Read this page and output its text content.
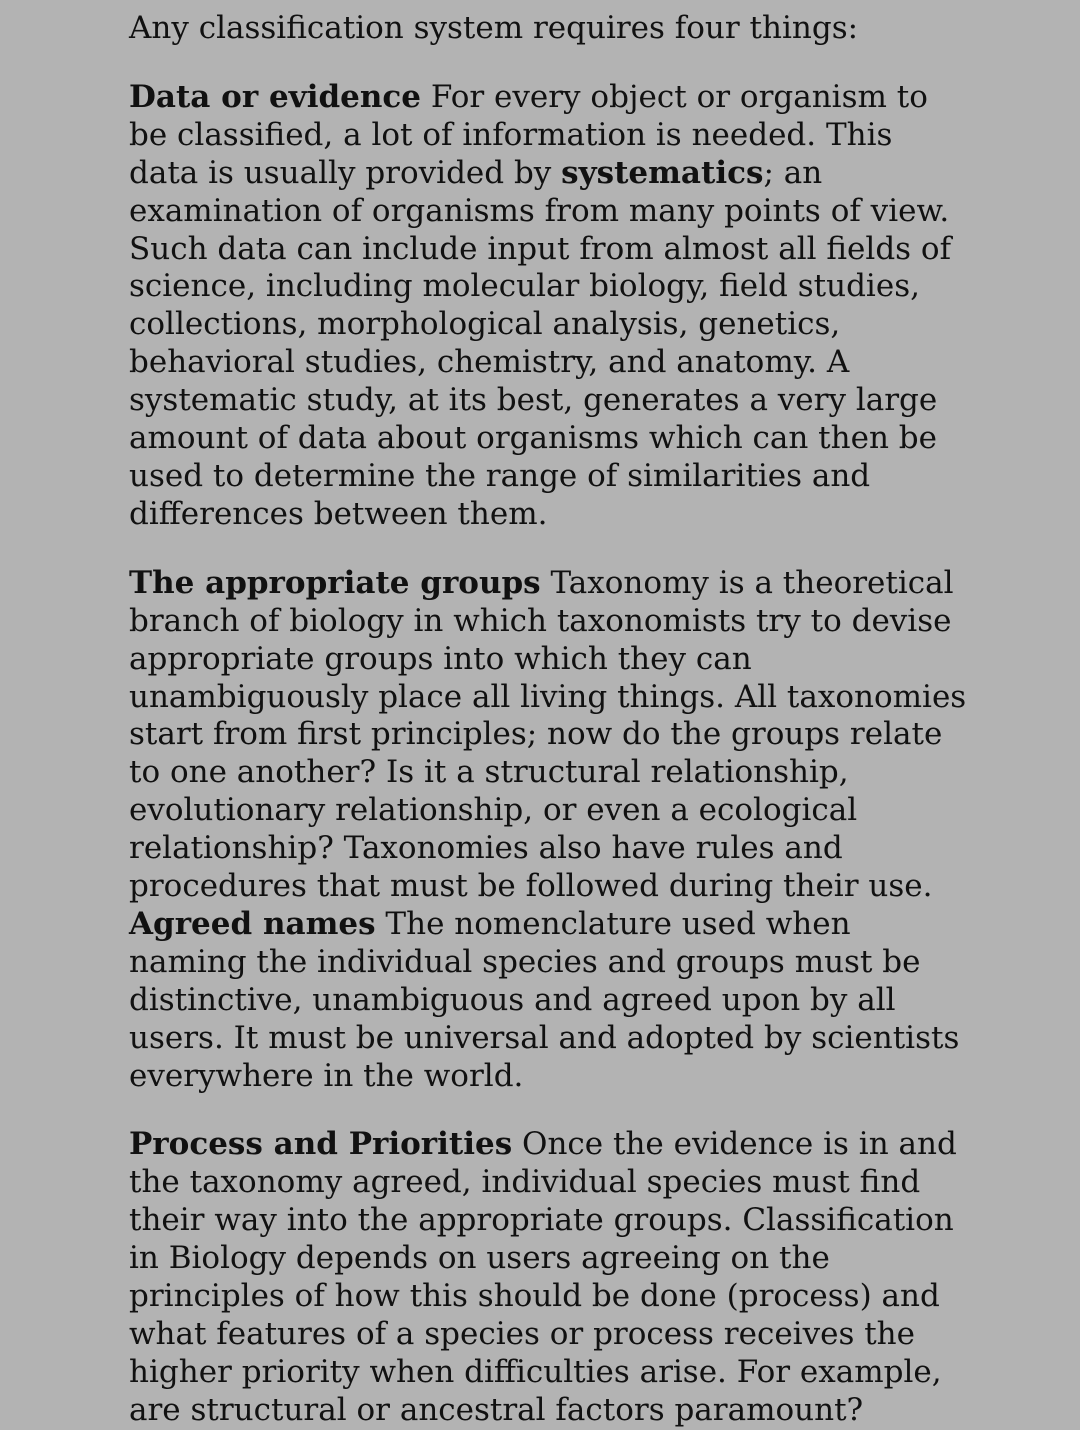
Any classification system requires four things:

Data or evidence For every object or organism to be classified, a lot of information is needed. This data is usually provided by systematics; an examination of organisms from many points of view. Such data can include input from almost all fields of science, including molecular biology, field studies, collections, morphological analysis, genetics, behavioral studies, chemistry, and anatomy. A systematic study, at its best, generates a very large amount of data about organisms which can then be used to determine the range of similarities and differences between them.

The appropriate groups Taxonomy is a theoretical branch of biology in which taxonomists try to devise appropriate groups into which they can unambiguously place all living things. All taxonomies start from first principles; now do the groups relate to one another? Is it a structural relationship, evolutionary relationship, or even a ecological relationship? Taxonomies also have rules and procedures that must be followed during their use.

Agreed names The nomenclature used when naming the individual species and groups must be distinctive, unambiguous and agreed upon by all users. It must be universal and adopted by scientists everywhere in the world.

Process and Priorities Once the evidence is in and the taxonomy agreed, individual species must find their way into the appropriate groups. Classification in Biology depends on users agreeing on the principles of how this should be done (process) and what features of a species or process receives the higher priority when difficulties arise. For example, are structural or ancestral factors paramount?
